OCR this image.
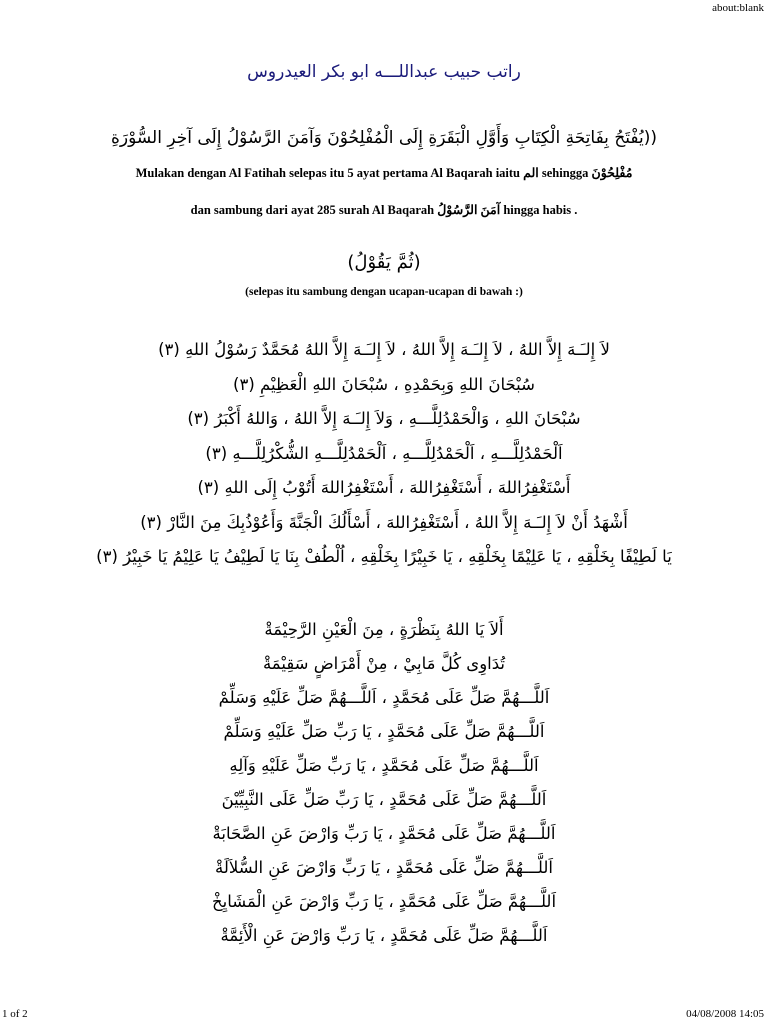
about:blank
راتب حبيب عبداللـــه ابو بكر العيدروس
((يُفْتَحُ بِفَاتِحَةِ الْكِتَابِ وَأَوَّلِ الْبَقَرَةِ إِلَى الْمُفْلِحُوْنَ وَآمَنَ الرَّسُوْلُ إِلَى آخِرِ السُّوْرَةِ
Mulakan dengan Al Fatihah selepas itu 5 ayat pertama Al Baqarah iaitu الم sehingga مُفْلِحُوْنَ
dan sambung dari ayat 285 surah Al Baqarah آمَنَ الرَّسُوْلُ hingga habis .
(ثُمَّ يَقُوْلُ)
(selepas itu sambung dengan ucapan-ucapan di bawah :)
لاَ إِلـَـهَ إِلاَّ اللهُ ، لاَ إِلـَـهَ إِلاَّ اللهُ ، لاَ إِلـَـهَ إِلاَّ اللهُ مُحَمَّدٌ رَسُوْلُ اللهِ (٣)
سُبْحَانَ اللهِ وَبِحَمْدِهِ ، سُبْحَانَ اللهِ الْعَظِيْمِ (٣)
سُبْحَانَ اللهِ ، وَالْحَمْدُلِلَّـــهِ ، وَلاَ إِلـَـهَ إِلاَّ اللهُ ، وَاللهُ أَكْبَرُ (٣)
اَلْحَمْدُلِلَّـــهِ ، اَلْحَمْدُلِلَّـــهِ ، اَلْحَمْدُلِلَّـــهِ الشُّكْرُلِلَّـــهِ (٣)
أَسْتَغْفِرُاللهَ ، أَسْتَغْفِرُاللهَ ، أَسْتَغْفِرُاللهَ أَتُوْبُ إِلَى اللهِ (٣)
أَشْهَدُ أَنْ لاَ إِلـَـهَ إِلاَّ اللهُ ، أَسْتَغْفِرُاللهَ ، أَسْأَلُكَ الْجَنَّةَ وَأَعُوْذُبِكَ مِنَ النَّارْ (٣)
يَا لَطِيْفًا بِخَلْقِهِ ، يَا عَلِيْمًا بِخَلْقِهِ ، يَا خَبِيْرًا بِخَلْقِهِ ، اُلْطُفْ بِنَا يَا لَطِيْفُ يَا عَلِيْمُ يَا خَبِيْرُ (٣)
أَلاَ يَا اللهُ بِنَظْرَةٍ ، مِنَ الْعَيْنِ الرَّحِيْمَةْ
تُدَاوِى كُلَّ مَابِيْ ، مِنْ أَمْرَاضٍ سَقِيْمَةْ
اَللَّـــهُمَّ صَلِّ عَلَى مُحَمَّدٍ ، اَللَّـــهُمَّ صَلِّ عَلَيْهِ وَسَلِّمْ
اَللَّـــهُمَّ صَلِّ عَلَى مُحَمَّدٍ ، يَا رَبِّ صَلِّ عَلَيْهِ وَسَلِّمْ
اَللَّـــهُمَّ صَلِّ عَلَى مُحَمَّدٍ ، يَا رَبِّ صَلِّ عَلَيْهِ وَآلِهِ
اَللَّـــهُمَّ صَلِّ عَلَى مُحَمَّدٍ ، يَا رَبِّ صَلِّ عَلَى النَّبِيِّيْنَ
اَللَّـــهُمَّ صَلِّ عَلَى مُحَمَّدٍ ، يَا رَبِّ وَارْضَ عَنِ الصَّحَابَةْ
اَللَّـــهُمَّ صَلِّ عَلَى مُحَمَّدٍ ، يَا رَبِّ وَارْضَ عَنِ السُّلاَلَةْ
اَللَّـــهُمَّ صَلِّ عَلَى مُحَمَّدٍ ، يَا رَبِّ وَارْضَ عَنِ الْمَشَايِخْ
اَللَّـــهُمَّ صَلِّ عَلَى مُحَمَّدٍ ، يَا رَبِّ وَارْضَ عَنِ الْأَئِمَّةْ
1 of 2	04/08/2008 14:05
